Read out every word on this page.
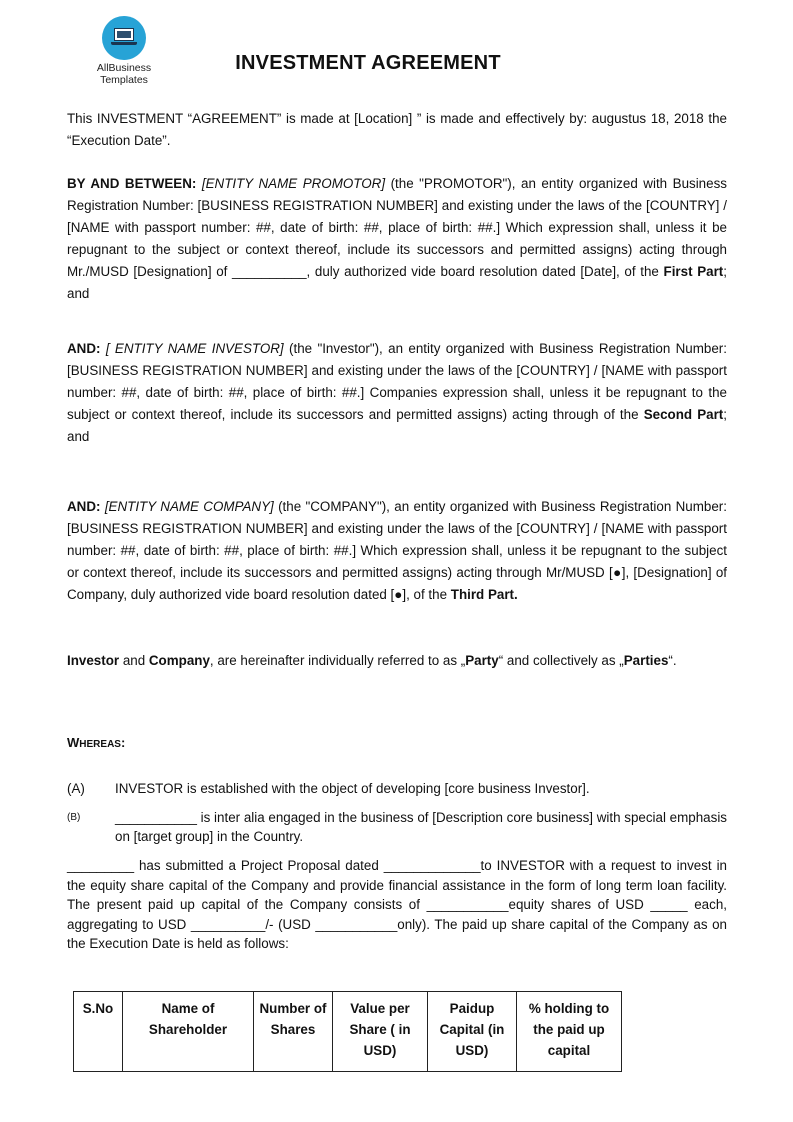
AllBusiness
Templates
INVESTMENT AGREEMENT
This INVESTMENT “AGREEMENT” is made at [Location] ” is made and effectively by: augustus 18, 2018 the “Execution Date”.
BY AND BETWEEN: [ENTITY NAME PROMOTOR] (the "PROMOTOR"), an entity organized with Business Registration Number: [BUSINESS REGISTRATION NUMBER] and existing under the laws of the [COUNTRY] / [NAME with passport number: ##, date of birth: ##, place of birth: ##.] Which expression shall, unless it be repugnant to the subject or context thereof, include its successors and permitted assigns) acting through Mr./MUSD [Designation] of __________, duly authorized vide board resolution dated [Date], of the First Part; and
AND: [ ENTITY NAME INVESTOR] (the "Investor"), an entity organized with Business Registration Number: [BUSINESS REGISTRATION NUMBER] and existing under the laws of the [COUNTRY] / [NAME with passport number: ##, date of birth: ##, place of birth: ##.] Companies expression shall, unless it be repugnant to the subject or context thereof, include its successors and permitted assigns) acting through of the Second Part; and
AND: [ENTITY NAME COMPANY] (the "COMPANY"), an entity organized with Business Registration Number: [BUSINESS REGISTRATION NUMBER] and existing under the laws of the [COUNTRY] / [NAME with passport number: ##, date of birth: ##, place of birth: ##.] Which expression shall, unless it be repugnant to the subject or context thereof, include its successors and permitted assigns) acting through Mr/MUSD [●], [Designation] of Company, duly authorized vide board resolution dated [●], of the Third Part.
Investor and Company, are hereinafter individually referred to as „Party“ and collectively as „Parties“.
WHEREAS:
(A) INVESTOR is established with the object of developing [core business Investor].
(B)	___________ is inter alia engaged in the business of [Description core business] with special emphasis on [target group] in the Country.
_________ has submitted a Project Proposal dated _____________to INVESTOR with a request to invest in the equity share capital of the Company and provide financial assistance in the form of long term loan facility. The present paid up capital of the Company consists of ___________equity shares of USD _____ each, aggregating to USD __________/- (USD ___________only). The paid up share capital of the Company as on the Execution Date is held as follows:
S.No	Name of Shareholder	Number of Shares	Value per Share ( in USD)	Paidup Capital (in USD)	% holding to the paid up capital
